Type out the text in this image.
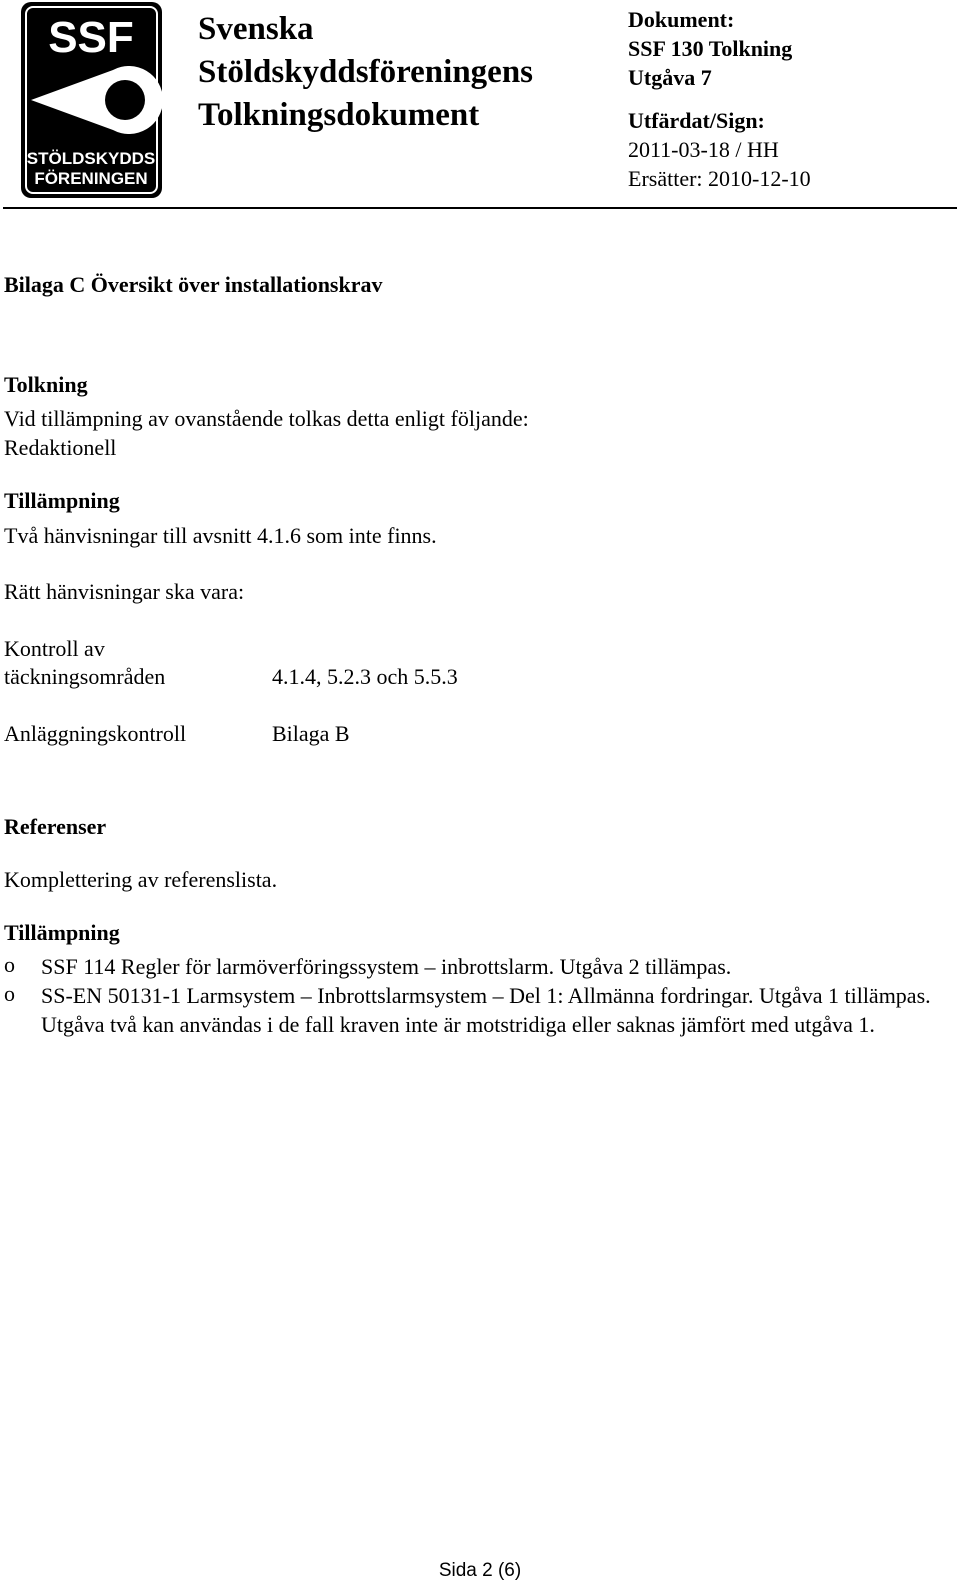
SSF
STÖLDSKYDDS
FÖRENINGEN
Svenska
Stöldskyddsföreningens
Tolkningsdokument
Dokument:
SSF 130 Tolkning
Utgåva 7
Utfärdat/Sign:
2011-03-18 / HH
Ersätter: 2010-12-10
Bilaga C Översikt över installationskrav
Tolkning
Vid tillämpning av ovanstående tolkas detta enligt följande:
Redaktionell
Tillämpning
Två hänvisningar till avsnitt 4.1.6 som inte finns.
Rätt hänvisningar ska vara:
Kontroll av
täckningsområden	4.1.4, 5.2.3 och 5.5.3
Anläggningskontroll	Bilaga B
Referenser
Komplettering av referenslista.
Tillämpning
o SSF 114 Regler för larmöverföringssystem – inbrottslarm. Utgåva 2 tillämpas.
o SS-EN 50131-1 Larmsystem – Inbrottslarmsystem – Del 1: Allmänna fordringar. Utgåva 1 tillämpas. Utgåva två kan användas i de fall kraven inte är motstridiga eller saknas jämfört med utgåva 1.
Sida 2 (6)
